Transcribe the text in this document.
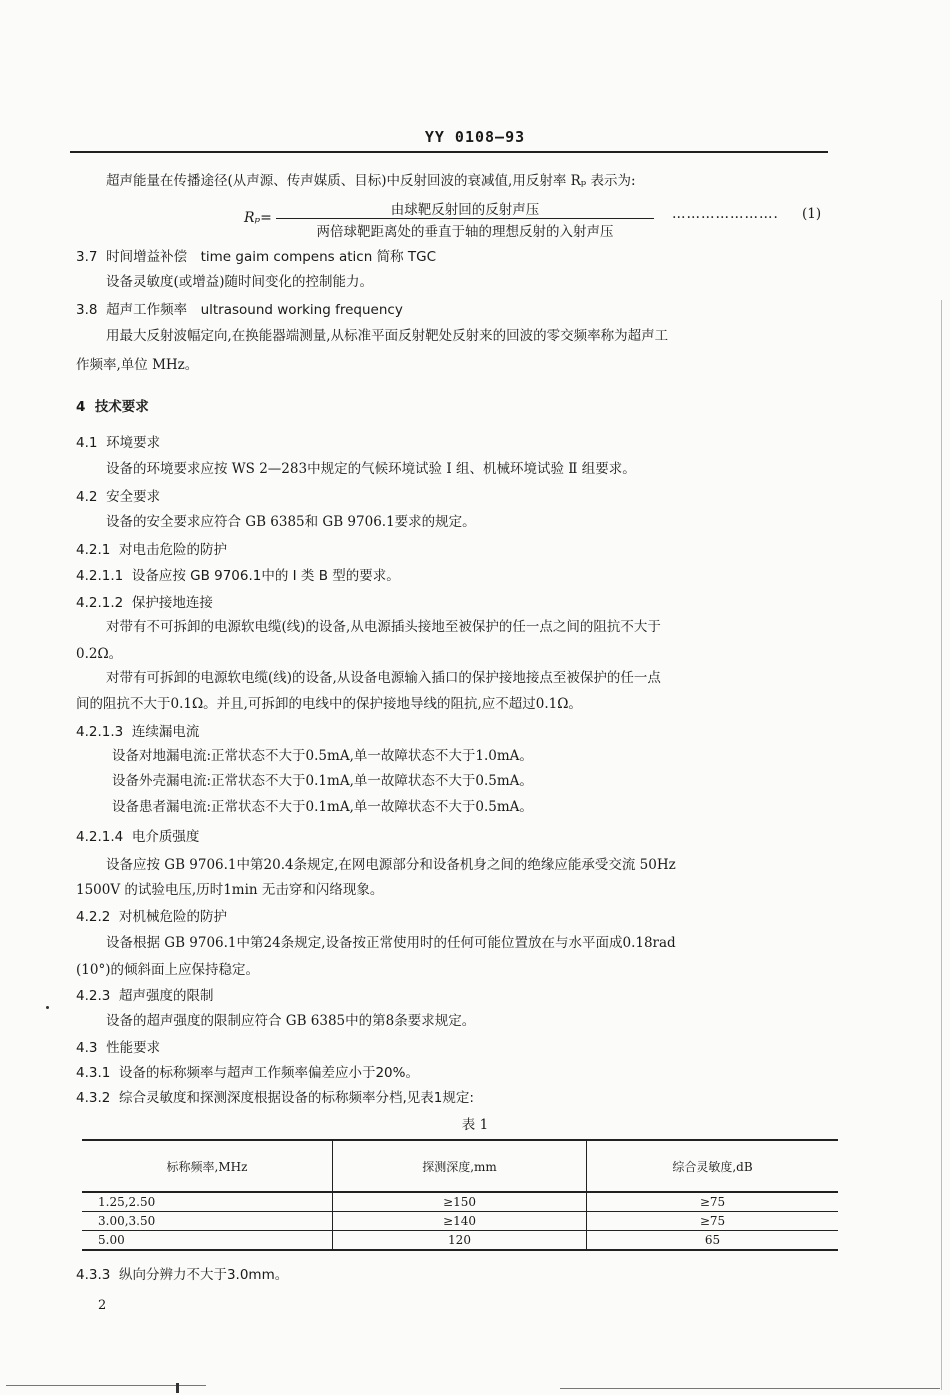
YY 0108—93
超声能量在传播途径(从声源、传声媒质、目标)中反射回波的衰减值,用反射率 Rₚ 表示为:
Rₚ=	由球靶反射回的反射声压
两倍球靶距离处的垂直于轴的理想反射的入射声压
…………………. (1)
3.7 时间增益补偿　time gaim compens aticn 简称 TGC
设备灵敏度(或增益)随时间变化的控制能力。
3.8 超声工作频率　ultrasound working frequency
用最大反射波幅定向,在换能器端测量,从标准平面反射靶处反射来的回波的零交频率称为超声工
作频率,单位 MHz。
4 技术要求
4.1 环境要求
设备的环境要求应按 WS 2—283中规定的气候环境试验 I 组、机械环境试验 Ⅱ 组要求。
4.2 安全要求
设备的安全要求应符合 GB 6385和 GB 9706.1要求的规定。
4.2.1 对电击危险的防护
4.2.1.1 设备应按 GB 9706.1中的 I 类 B 型的要求。
4.2.1.2 保护接地连接
对带有不可拆卸的电源软电缆(线)的设备,从电源插头接地至被保护的任一点之间的阻抗不大于
0.2Ω。
对带有可拆卸的电源软电缆(线)的设备,从设备电源输入插口的保护接地接点至被保护的任一点
间的阻抗不大于0.1Ω。并且,可拆卸的电线中的保护接地导线的阻抗,应不超过0.1Ω。
4.2.1.3 连续漏电流
设备对地漏电流:正常状态不大于0.5mA,单一故障状态不大于1.0mA。
设备外壳漏电流:正常状态不大于0.1mA,单一故障状态不大于0.5mA。
设备患者漏电流:正常状态不大于0.1mA,单一故障状态不大于0.5mA。
4.2.1.4 电介质强度
设备应按 GB 9706.1中第20.4条规定,在网电源部分和设备机身之间的绝缘应能承受交流 50Hz
1500V 的试验电压,历时1min 无击穿和闪络现象。
4.2.2 对机械危险的防护
设备根据 GB 9706.1中第24条规定,设备按正常使用时的任何可能位置放在与水平面成0.18rad
(10°)的倾斜面上应保持稳定。
4.2.3 超声强度的限制
设备的超声强度的限制应符合 GB 6385中的第8条要求规定。
4.3 性能要求
4.3.1 设备的标称频率与超声工作频率偏差应小于20%。
4.3.2 综合灵敏度和探测深度根据设备的标称频率分档,见表1规定:
表 1
标称频率,MHz	探测深度,mm	综合灵敏度,dB
1.25,2.50	≥150	≥75
3.00,3.50	≥140	≥75
5.00	120	65
4.3.3 纵向分辨力不大于3.0mm。
2
